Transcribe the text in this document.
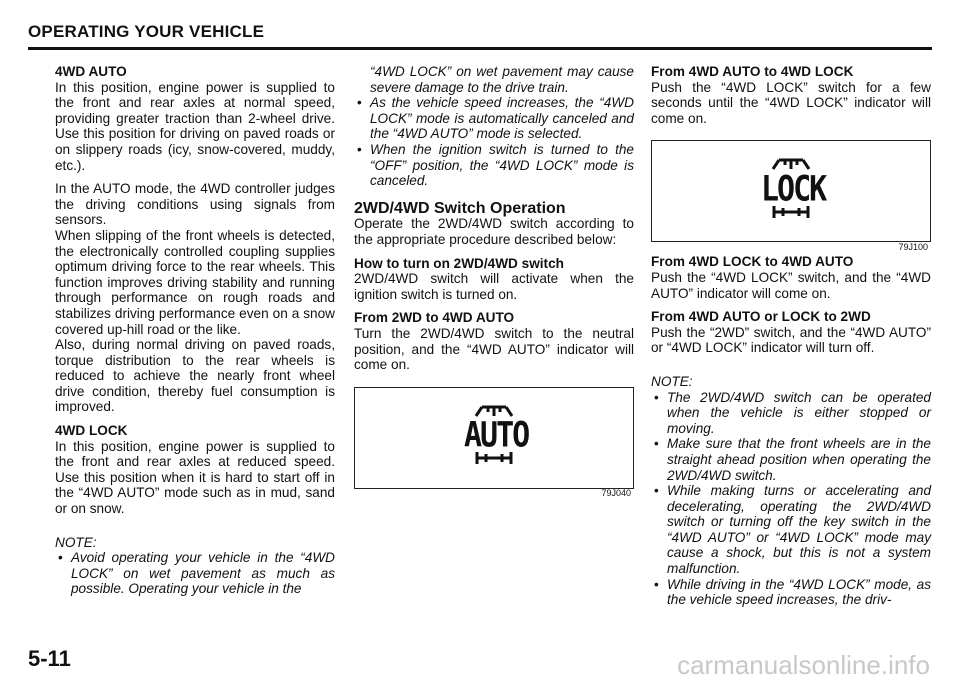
OPERATING YOUR VEHICLE
4WD AUTO

In this position, engine power is supplied to the front and rear axles at normal speed, providing greater traction than 2-wheel drive. Use this position for driving on paved roads or on slippery roads (icy, snow-covered, muddy, etc.).

In the AUTO mode, the 4WD controller judges the driving conditions using signals from sensors.

When slipping of the front wheels is detected, the electronically controlled coupling supplies optimum driving force to the rear wheels. This function improves driving stability and running through performance on rough roads and stabilizes driving performance even on a snow covered up-hill road or the like.

Also, during normal driving on paved roads, torque distribution to the rear wheels is reduced to achieve the nearly front wheel drive condition, thereby fuel consumption is improved.

4WD LOCK

In this position, engine power is supplied to the front and rear axles at reduced speed. Use this position when it is hard to start off in the “4WD AUTO” mode such as in mud, sand or on snow.

NOTE:
• Avoid operating your vehicle in the “4WD LOCK” on wet pavement as much as possible. Operating your vehicle in the
“4WD LOCK” on wet pavement may cause severe damage to the drive train.
• As the vehicle speed increases, the “4WD LOCK” mode is automatically canceled and the “4WD AUTO” mode is selected.
• When the ignition switch is turned to the “OFF” position, the “4WD LOCK” mode is canceled.
2WD/4WD Switch Operation

Operate the 2WD/4WD switch according to the appropriate procedure described below:

How to turn on 2WD/4WD switch

2WD/4WD switch will activate when the ignition switch is turned on.

From 2WD to 4WD AUTO

Turn the 2WD/4WD switch to the neutral position, and the “4WD AUTO” indicator will come on.

AUTO
79J040
From 4WD AUTO to 4WD LOCK

Push the “4WD LOCK” switch for a few seconds until the “4WD LOCK” indicator will come on.

LOCK
79J100
From 4WD LOCK to 4WD AUTO

Push the “4WD LOCK” switch, and the “4WD AUTO” indicator will come on.

From 4WD AUTO or LOCK to 2WD

Push the “2WD” switch, and the “4WD AUTO” or “4WD LOCK” indicator will turn off.

NOTE:
• The 2WD/4WD switch can be operated when the vehicle is either stopped or moving.
• Make sure that the front wheels are in the straight ahead position when operating the 2WD/4WD switch.
• While making turns or accelerating and decelerating, operating the 2WD/4WD switch or turning off the key switch in the “4WD AUTO” or “4WD LOCK” mode may cause a shock, but this is not a system malfunction.
• While driving in the “4WD LOCK” mode, as the vehicle speed increases, the driv-
5-11	carmanualsonline.info
